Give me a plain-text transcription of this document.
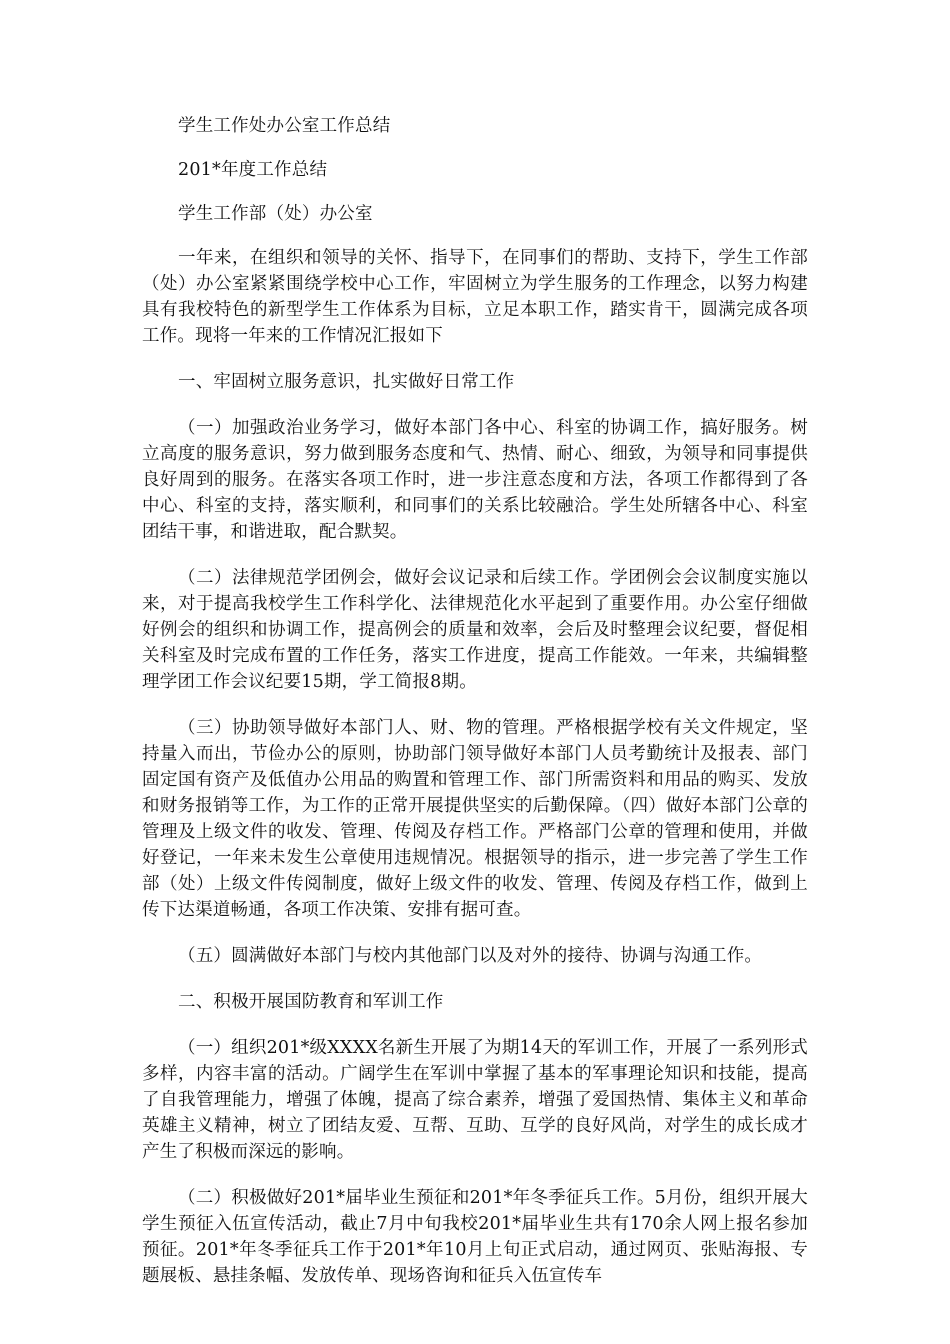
学生工作处办公室工作总结

201*年度工作总结

学生工作部（处）办公室

一年来，在组织和领导的关怀、指导下，在同事们的帮助、支持下，学生工作部（处）办公室紧紧围绕学校中心工作，牢固树立为学生服务的工作理念，以努力构建具有我校特色的新型学生工作体系为目标，立足本职工作，踏实肯干，圆满完成各项工作。现将一年来的工作情况汇报如下

一、牢固树立服务意识，扎实做好日常工作

（一）加强政治业务学习，做好本部门各中心、科室的协调工作，搞好服务。树立高度的服务意识，努力做到服务态度和气、热情、耐心、细致，为领导和同事提供良好周到的服务。在落实各项工作时，进一步注意态度和方法，各项工作都得到了各中心、科室的支持，落实顺利，和同事们的关系比较融洽。学生处所辖各中心、科室团结干事，和谐进取，配合默契。

（二）法律规范学团例会，做好会议记录和后续工作。学团例会会议制度实施以来，对于提高我校学生工作科学化、法律规范化水平起到了重要作用。办公室仔细做好例会的组织和协调工作，提高例会的质量和效率，会后及时整理会议纪要，督促相关科室及时完成布置的工作任务，落实工作进度，提高工作能效。一年来，共编辑整理学团工作会议纪要15期，学工简报8期。

（三）协助领导做好本部门人、财、物的管理。严格根据学校有关文件规定，坚持量入而出，节俭办公的原则，协助部门领导做好本部门人员考勤统计及报表、部门固定国有资产及低值办公用品的购置和管理工作、部门所需资料和用品的购买、发放和财务报销等工作，为工作的正常开展提供坚实的后勤保障。（四）做好本部门公章的管理及上级文件的收发、管理、传阅及存档工作。严格部门公章的管理和使用，并做好登记，一年来未发生公章使用违规情况。根据领导的指示，进一步完善了学生工作部（处）上级文件传阅制度，做好上级文件的收发、管理、传阅及存档工作，做到上传下达渠道畅通，各项工作决策、安排有据可查。

（五）圆满做好本部门与校内其他部门以及对外的接待、协调与沟通工作。

二、积极开展国防教育和军训工作

（一）组织201*级XXXX名新生开展了为期14天的军训工作，开展了一系列形式多样，内容丰富的活动。广阔学生在军训中掌握了基本的军事理论知识和技能，提高了自我管理能力，增强了体魄，提高了综合素养，增强了爱国热情、集体主义和革命英雄主义精神，树立了团结友爱、互帮、互助、互学的良好风尚，对学生的成长成才产生了积极而深远的影响。

（二）积极做好201*届毕业生预征和201*年冬季征兵工作。5月份，组织开展大学生预征入伍宣传活动，截止7月中旬我校201*届毕业生共有170余人网上报名参加预征。201*年冬季征兵工作于201*年10月上旬正式启动，通过网页、张贴海报、专题展板、悬挂条幅、发放传单、现场咨询和征兵入伍宣传车
